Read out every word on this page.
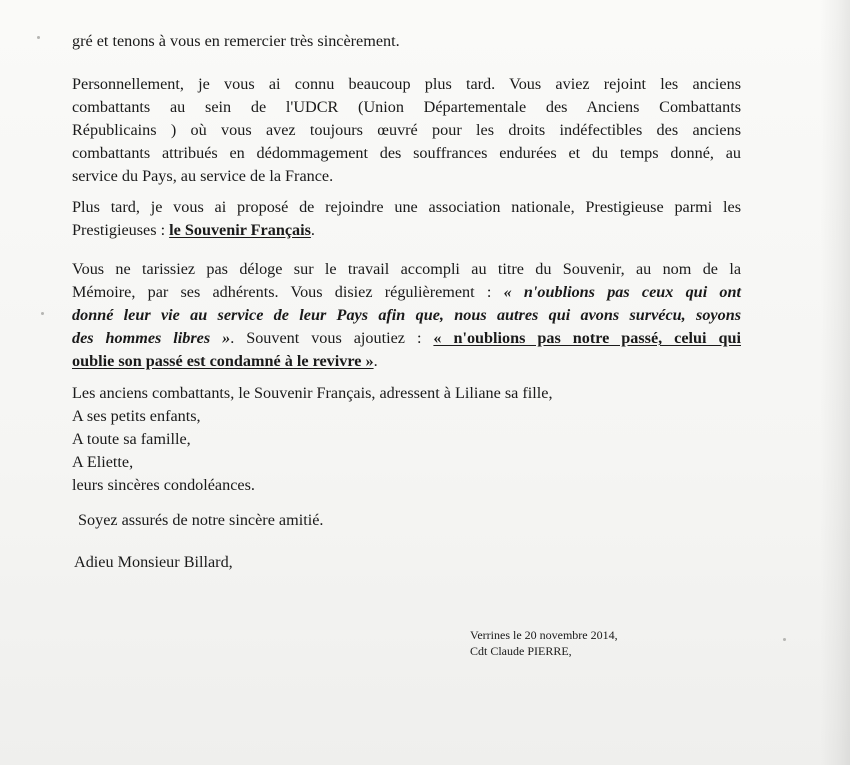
gré et tenons à vous en remercier très sincèrement.

Personnellement, je vous ai connu beaucoup plus tard. Vous aviez rejoint les anciens
combattants au sein de l'UDCR (Union Départementale des Anciens Combattants
Républicains ) où vous avez toujours œuvré pour les droits indéfectibles des anciens
combattants attribués en dédommagement des souffrances endurées et du temps donné, au
service du Pays, au service de la France.
Plus tard, je vous ai proposé de rejoindre une association nationale, Prestigieuse parmi les
Prestigieuses : le Souvenir Français.
Vous ne tarissiez pas déloge sur le travail accompli au titre du Souvenir, au nom de la
Mémoire, par ses adhérents. Vous disiez régulièrement : « n'oublions pas ceux qui ont
donné leur vie au service de leur Pays afin que, nous autres qui avons survécu, soyons
des hommes libres ». Souvent vous ajoutiez : « n'oublions pas notre passé, celui qui
oublie son passé est condamné à le revivre ».
Les anciens combattants, le Souvenir Français, adressent à Liliane sa fille,
A ses petits enfants,
A toute sa famille,
A Eliette,
leurs sincères condoléances.

Soyez assurés de notre sincère amitié.

Adieu Monsieur Billard,

Verrines le 20 novembre 2014,
Cdt Claude PIERRE,
